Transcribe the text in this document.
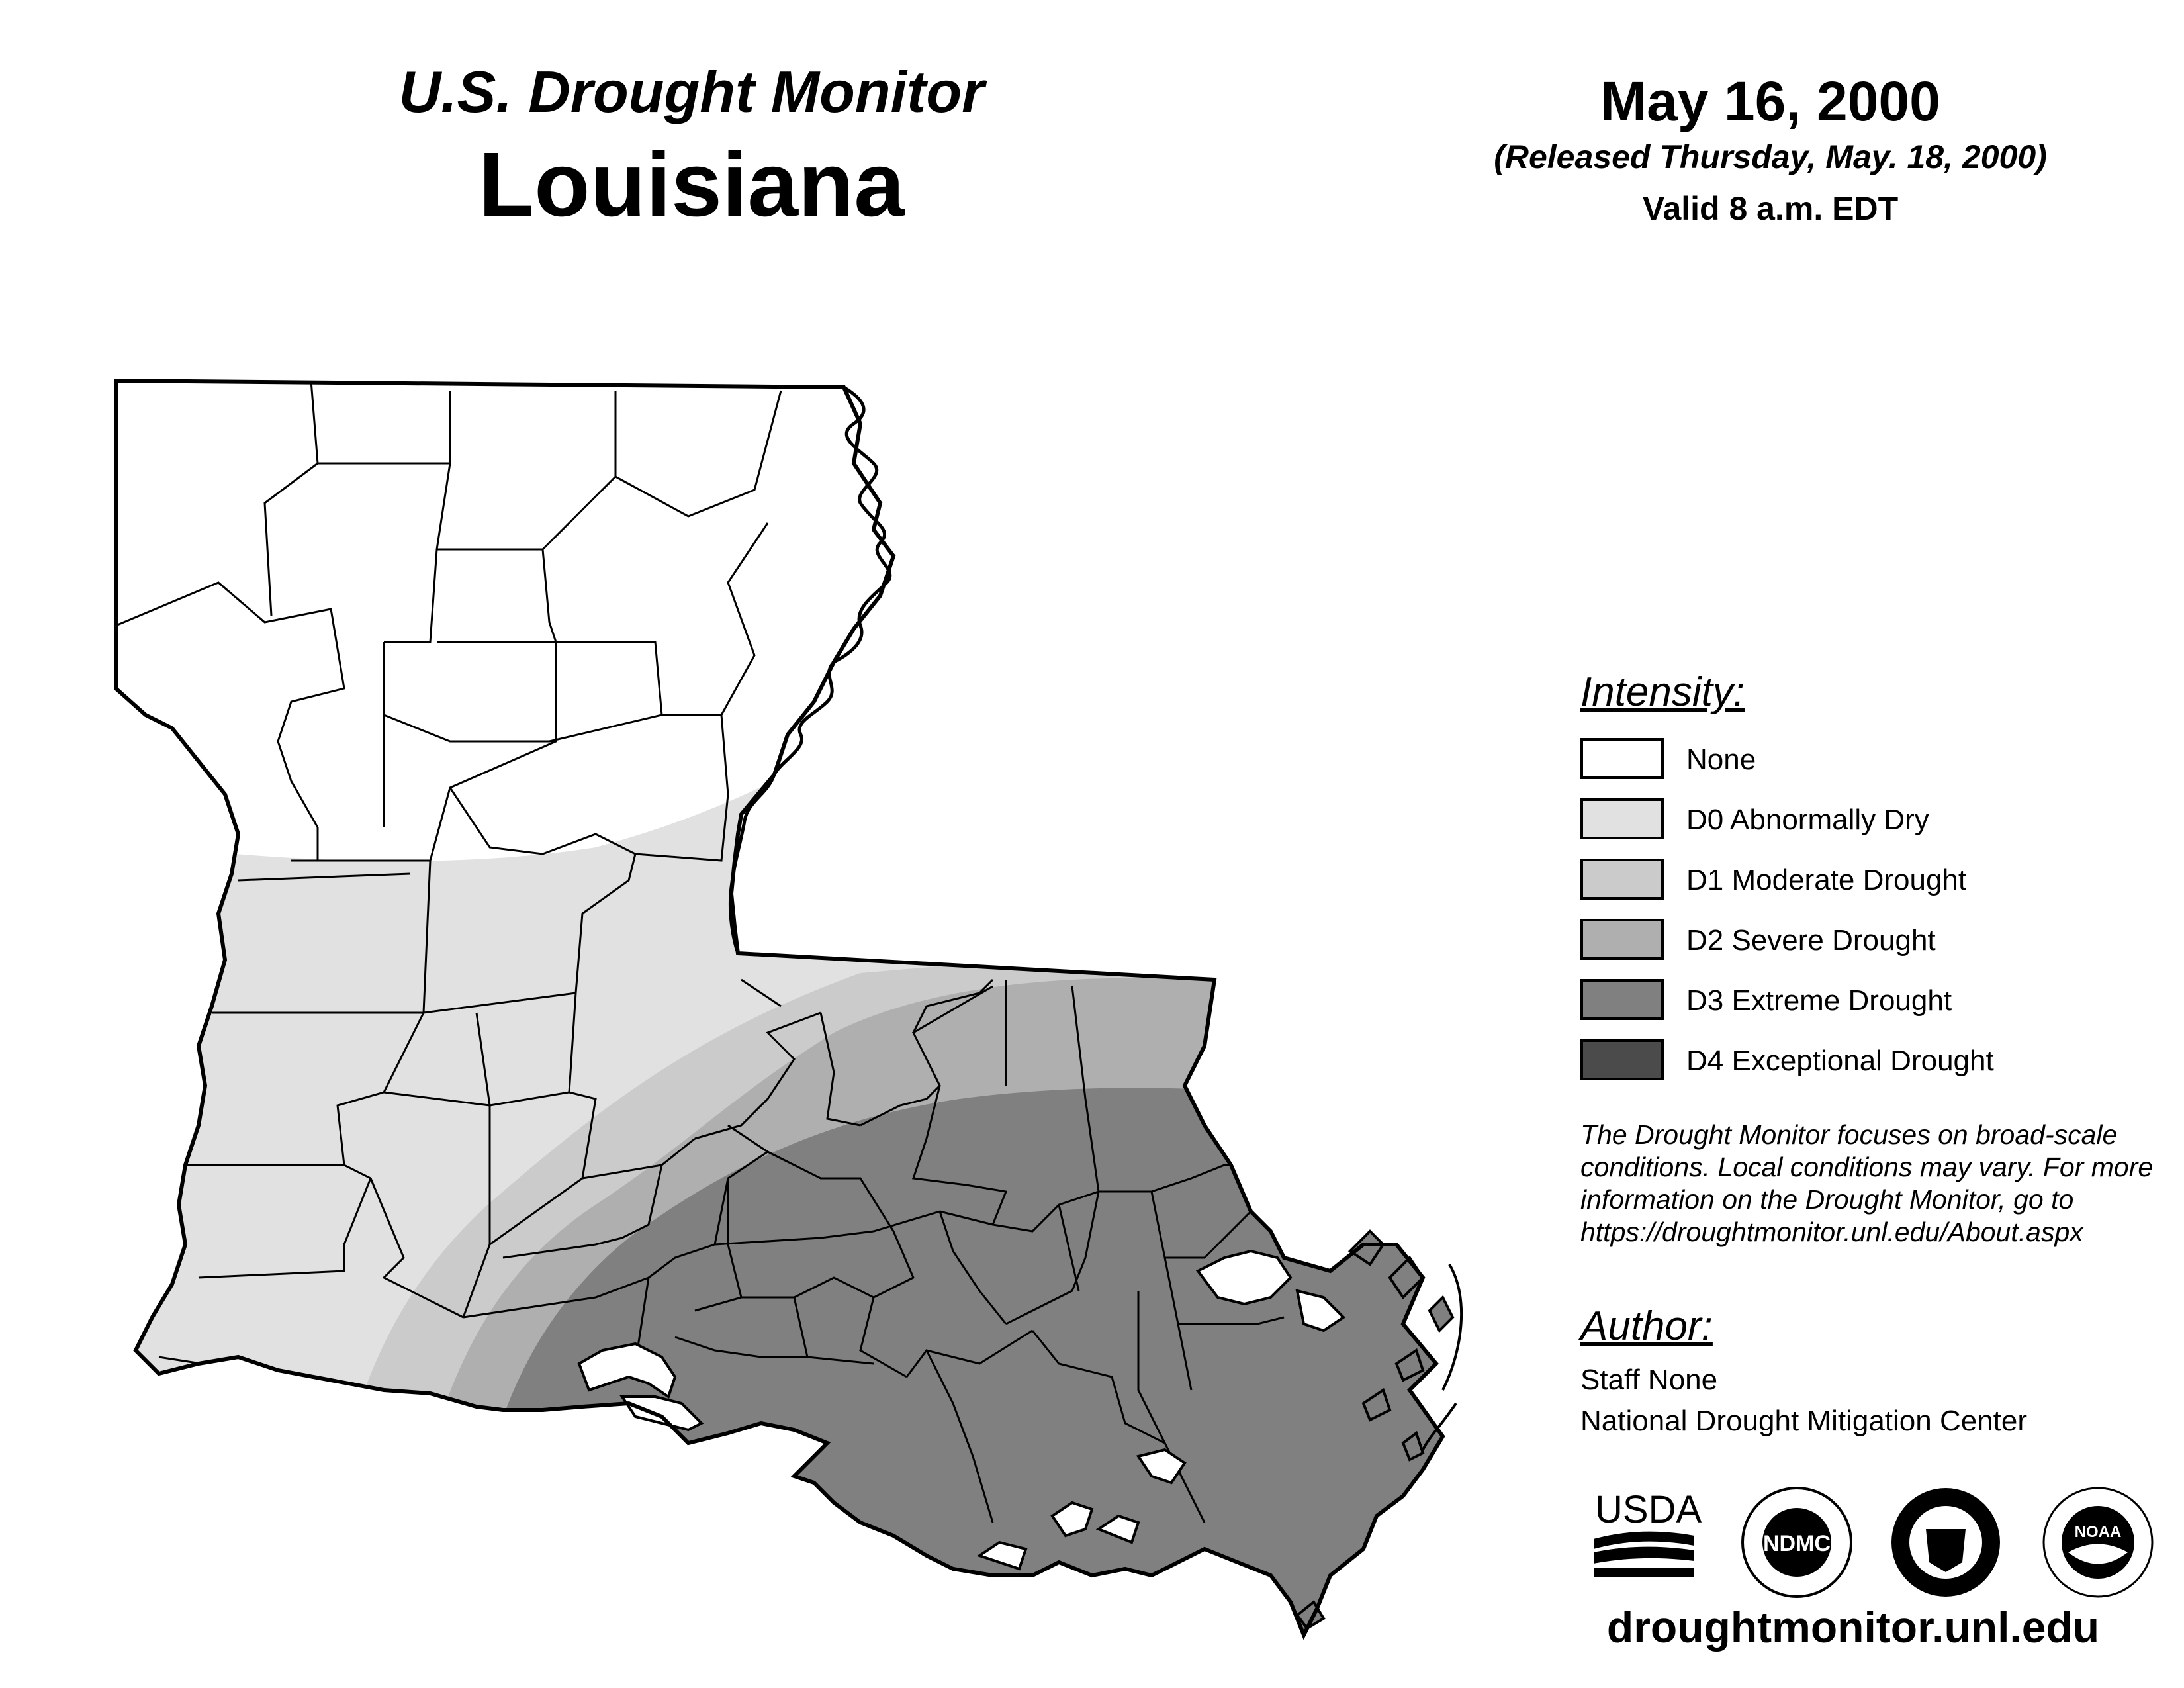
U.S. Drought Monitor
Louisiana
May 16, 2000
(Released Thursday, May. 18, 2000)
Valid 8 a.m. EDT
Intensity:
None
D0 Abnormally Dry
D1 Moderate Drought
D2 Severe Drought
D3 Extreme Drought
D4 Exceptional Drought
The Drought Monitor focuses on broad-scale
conditions. Local conditions may vary. For more
information on the Drought Monitor, go to
https://droughtmonitor.unl.edu/About.aspx
Author:
Staff None
National Drought Mitigation Center
USDA
NDMC	NOAA
droughtmonitor.unl.edu
